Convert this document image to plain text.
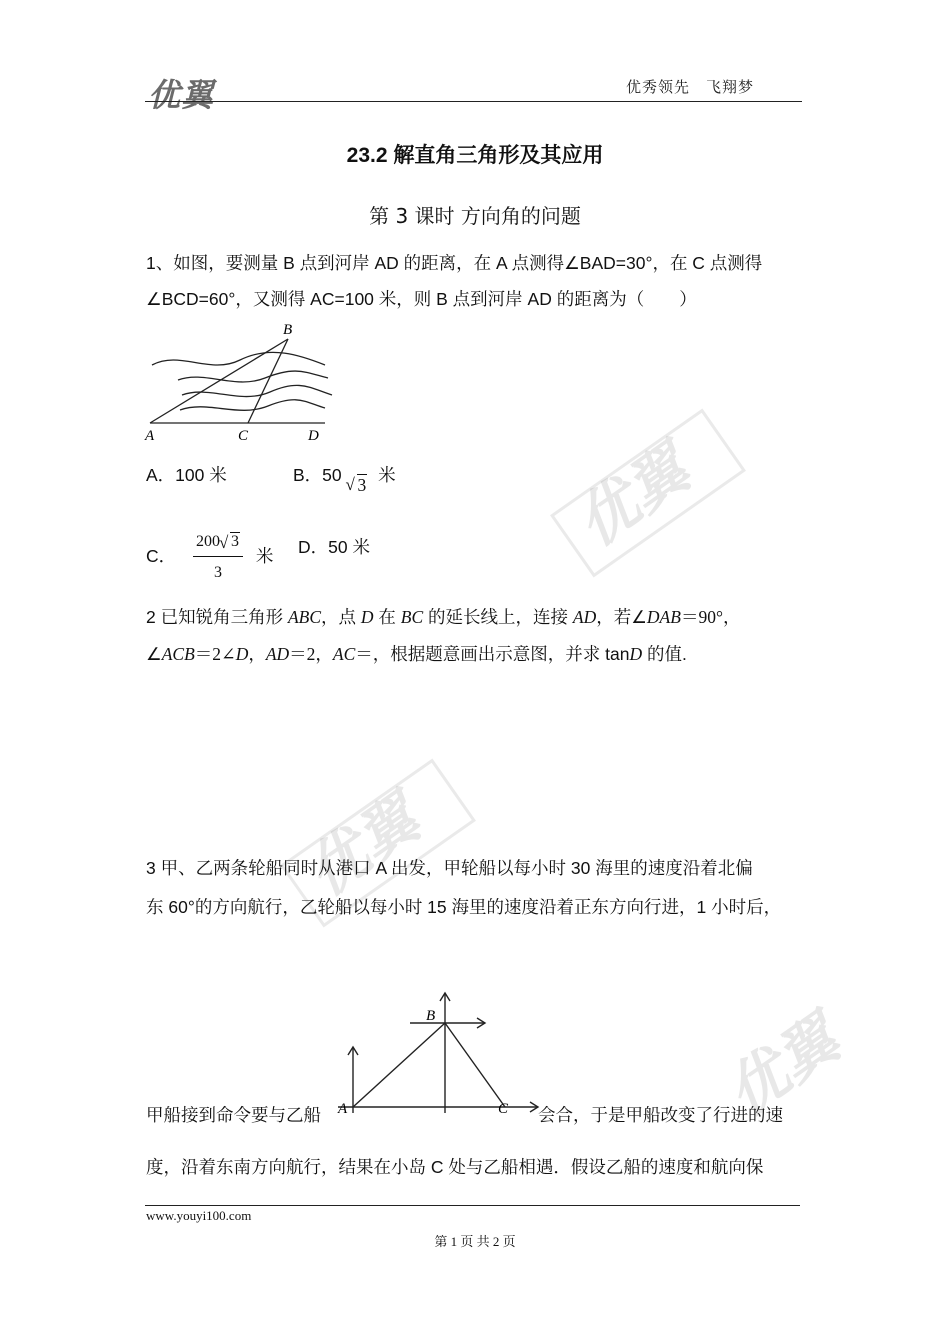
优翼
优翼
优翼
优翼	优秀领先　飞翔梦
23.2 解直角三角形及其应用
第 3 课时 方向角的问题
1、如图，要测量 B 点到河岸 AD 的距离，在 A 点测得∠BAD=30°，在 C 点测得
∠BCD=60°，又测得 AC=100 米，则 B 点到河岸 AD 的距离为（　　）
B
A	C	D
A．100 米	B．50 √ 3 米
C． $\frac{200 √ 3}{3}$ 米 D．50 米
2 已知锐角三角形 ABC，点 D 在 BC 的延长线上，连接 AD，若∠DAB＝90°，
∠ACB＝2∠D，AD＝2，AC＝，根据题意画出示意图，并求 tanD 的值.
3 甲、乙两条轮船同时从港口 A 出发，甲轮船以每小时 30 海里的速度沿着北偏
东 60°的方向航行，乙轮船以每小时 15 海里的速度沿着正东方向行进，1 小时后，
B
A	C
甲船接到命令要与乙船	会合，于是甲船改变了行进的速
度，沿着东南方向航行，结果在小岛 C 处与乙船相遇．假设乙船的速度和航向保
www.youyi100.com
第 1 页 共 2 页
